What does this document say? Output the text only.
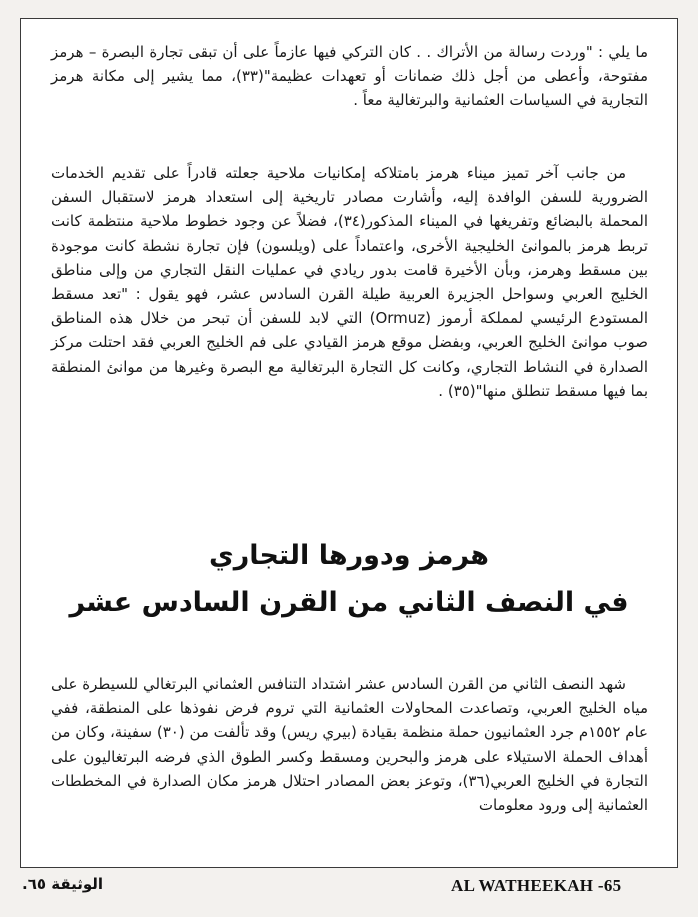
ما يلي : "وردت رسالة من الأتراك . . كان التركي فيها عازماً على أن تبقى تجارة البصرة – هرمز مفتوحة، وأعطى من أجل ذلك ضمانات أو تعهدات عظيمة"(٣٣)، مما يشير إلى مكانة هرمز التجارية في السياسات العثمانية والبرتغالية معاً .

من جانب آخر تميز ميناء هرمز بامتلاكه إمكانيات ملاحية جعلته قادراً على تقديم الخدمات الضرورية للسفن الوافدة إليه، وأشارت مصادر تاريخية إلى استعداد هرمز لاستقبال السفن المحملة بالبضائع وتفريغها في الميناء المذكور(٣٤)، فضلاً عن وجود خطوط ملاحية منتظمة كانت تربط هرمز بالموانئ الخليجية الأخرى، واعتماداً على (ويلسون) فإن تجارة نشطة كانت موجودة بين مسقط وهرمز، وبأن الأخيرة قامت بدور ريادي في عمليات النقل التجاري من وإلى مناطق الخليج العربي وسواحل الجزيرة العربية طيلة القرن السادس عشر، فهو يقول : "تعد مسقط المستودع الرئيسي لمملكة أرموز (Ormuz) التي لابد للسفن أن تبحر من خلال هذه المناطق صوب موانئ الخليج العربي، وبفضل موقع هرمز القيادي على فم الخليج العربي فقد احتلت مركز الصدارة في النشاط التجاري، وكانت كل التجارة البرتغالية مع البصرة وغيرها من موانئ المنطقة بما فيها مسقط تنطلق منها"(٣٥) .

هرمز ودورها التجاري
في النصف الثاني من القرن السادس عشر

شهد النصف الثاني من القرن السادس عشر اشتداد التنافس العثماني البرتغالي للسيطرة على مياه الخليج العربي، وتصاعدت المحاولات العثمانية التي تروم فرض نفوذها على المنطقة، ففي عام ١٥٥٢م جرد العثمانيون حملة منظمة بقيادة (بيري ريس) وقد تألفت من (٣٠) سفينة، وكان من أهداف الحملة الاستيلاء على هرمز والبحرين ومسقط وكسر الطوق الذي فرضه البرتغاليون على التجارة في الخليج العربي(٣٦)، وتوعز بعض المصادر احتلال هرمز مكان الصدارة في المخططات العثمانية إلى ورود معلومات

الوثيقة ٦٥.	AL WATHEEKAH -65
